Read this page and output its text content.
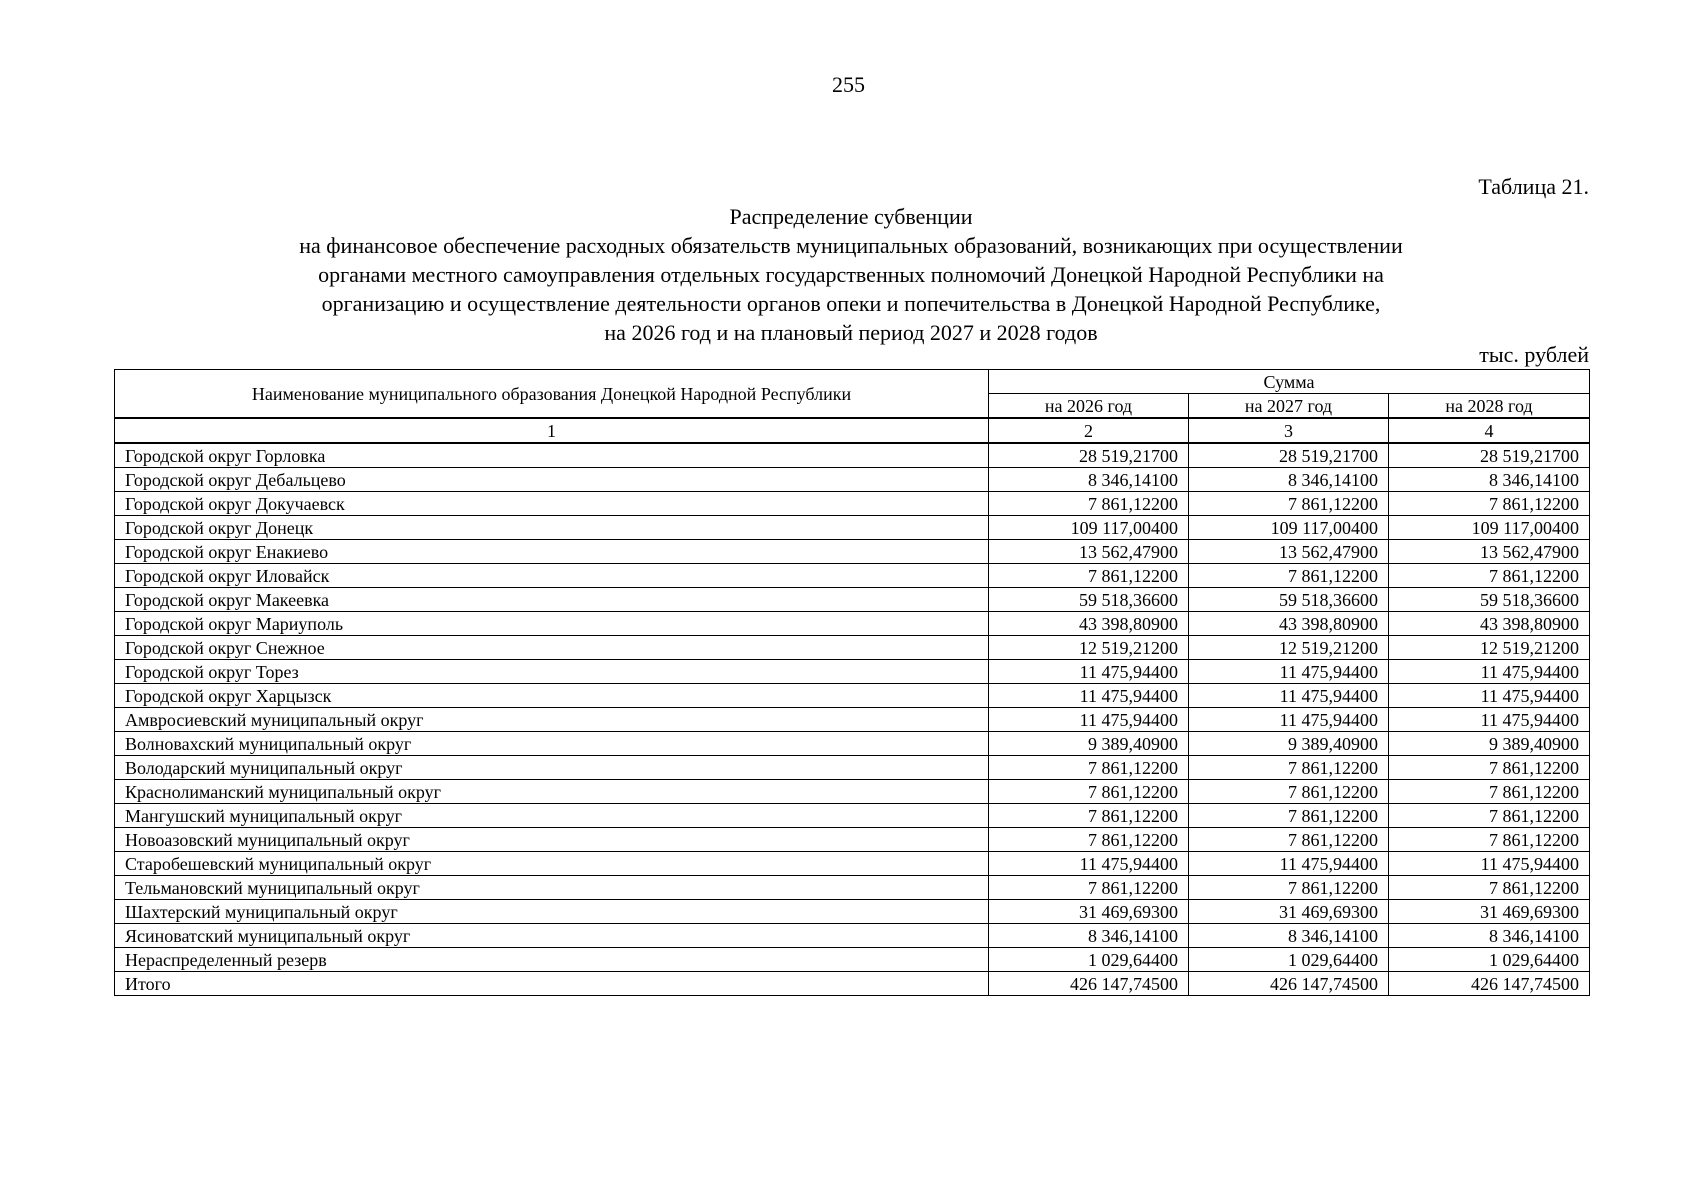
255
Таблица 21.
Распределение субвенции
на финансовое обеспечение расходных обязательств муниципальных образований, возникающих при осуществлении
органами местного самоуправления отдельных государственных полномочий Донецкой Народной Республики на
организацию и осуществление деятельности органов опеки и попечительства в Донецкой Народной Республике,
на 2026 год и на плановый период 2027 и 2028 годов
тыс. рублей
Наименование муниципального образования Донецкой Народной Республики	Сумма		
	на 2026 год	на 2027 год	на 2028 год
1	2	3	4
Городской округ Горловка	28 519,21700	28 519,21700	28 519,21700
Городской округ Дебальцево	8 346,14100	8 346,14100	8 346,14100
Городской округ Докучаевск	7 861,12200	7 861,12200	7 861,12200
Городской округ Донецк	109 117,00400	109 117,00400	109 117,00400
Городской округ Енакиево	13 562,47900	13 562,47900	13 562,47900
Городской округ Иловайск	7 861,12200	7 861,12200	7 861,12200
Городской округ Макеевка	59 518,36600	59 518,36600	59 518,36600
Городской округ Мариуполь	43 398,80900	43 398,80900	43 398,80900
Городской округ Снежное	12 519,21200	12 519,21200	12 519,21200
Городской округ Торез	11 475,94400	11 475,94400	11 475,94400
Городской округ Харцызск	11 475,94400	11 475,94400	11 475,94400
Амвросиевский муниципальный округ	11 475,94400	11 475,94400	11 475,94400
Волновахский муниципальный округ	9 389,40900	9 389,40900	9 389,40900
Володарский муниципальный округ	7 861,12200	7 861,12200	7 861,12200
Краснолиманский муниципальный округ	7 861,12200	7 861,12200	7 861,12200
Мангушский муниципальный округ	7 861,12200	7 861,12200	7 861,12200
Новоазовский муниципальный округ	7 861,12200	7 861,12200	7 861,12200
Старобешевский муниципальный округ	11 475,94400	11 475,94400	11 475,94400
Тельмановский муниципальный округ	7 861,12200	7 861,12200	7 861,12200
Шахтерский муниципальный округ	31 469,69300	31 469,69300	31 469,69300
Ясиноватский муниципальный округ	8 346,14100	8 346,14100	8 346,14100
Нераспределенный резерв	1 029,64400	1 029,64400	1 029,64400
Итого	426 147,74500	426 147,74500	426 147,74500
